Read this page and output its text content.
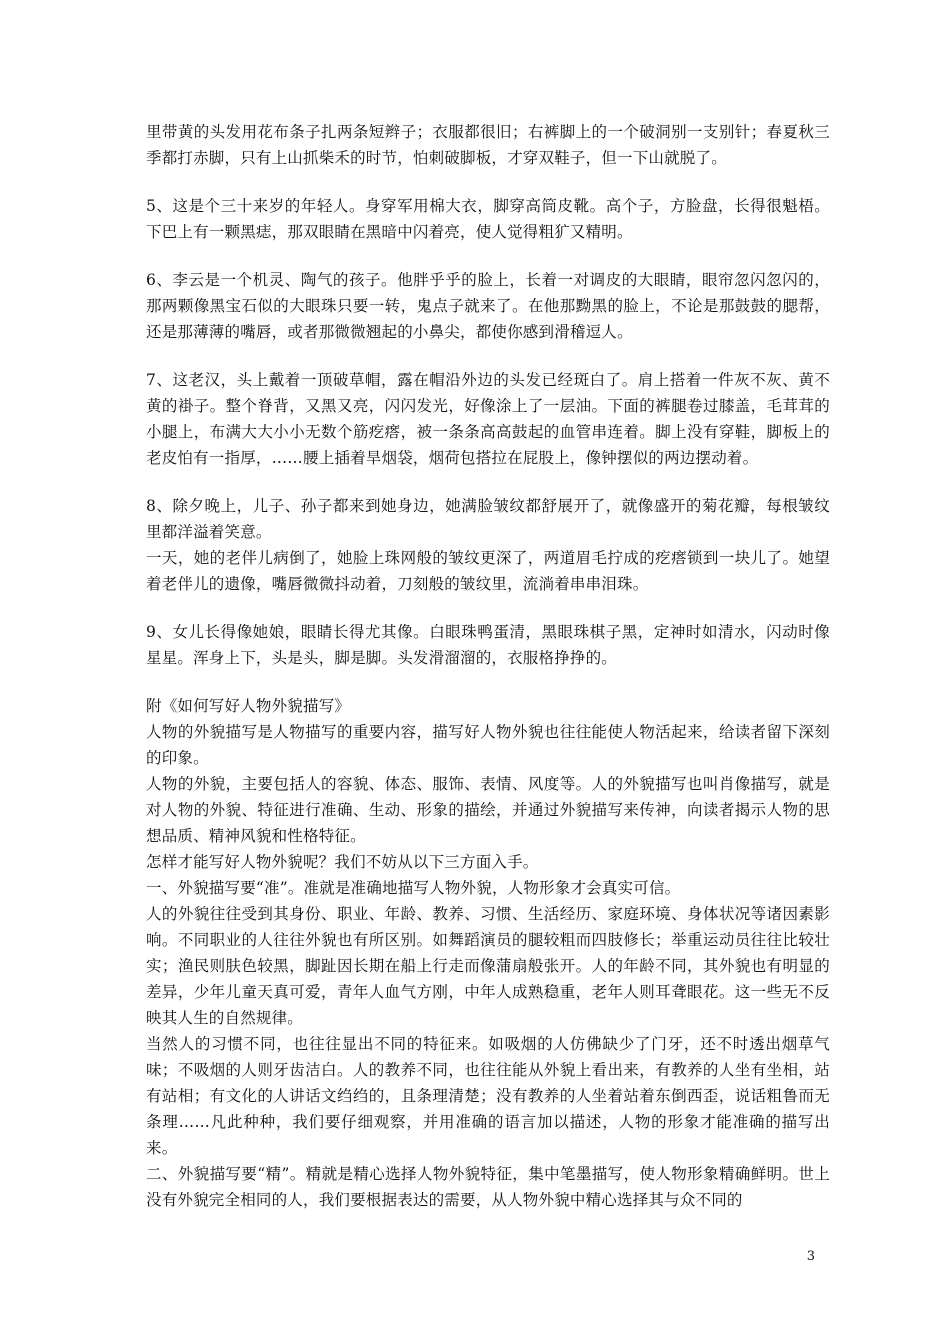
里带黄的头发用花布条子扎两条短辫子；衣服都很旧；右裤脚上的一个破洞别一支别针；春夏秋三季都打赤脚，只有上山抓柴禾的时节，怕刺破脚板，才穿双鞋子，但一下山就脱了。

5、这是个三十来岁的年轻人。身穿军用棉大衣，脚穿高筒皮靴。高个子，方脸盘，长得很魁梧。下巴上有一颗黑痣，那双眼睛在黑暗中闪着亮，使人觉得粗犷又精明。

6、李云是一个机灵、陶气的孩子。他胖乎乎的脸上，长着一对调皮的大眼睛，眼帘忽闪忽闪的，那两颗像黑宝石似的大眼珠只要一转，鬼点子就来了。在他那黝黑的脸上，不论是那鼓鼓的腮帮，还是那薄薄的嘴唇，或者那微微翘起的小鼻尖，都使你感到滑稽逗人。

7、这老汉，头上戴着一顶破草帽，露在帽沿外边的头发已经斑白了。肩上搭着一件灰不灰、黄不黄的褂子。整个脊背，又黑又亮，闪闪发光，好像涂上了一层油。下面的裤腿卷过膝盖，毛茸茸的小腿上，布满大大小小无数个筋疙瘩，被一条条高高鼓起的血管串连着。脚上没有穿鞋，脚板上的老皮怕有一指厚，……腰上插着旱烟袋，烟荷包搭拉在屁股上，像钟摆似的两边摆动着。

8、除夕晚上，儿子、孙子都来到她身边，她满脸皱纹都舒展开了，就像盛开的菊花瓣，每根皱纹里都洋溢着笑意。

一天，她的老伴儿病倒了，她脸上珠网般的皱纹更深了，两道眉毛拧成的疙瘩锁到一块儿了。她望着老伴儿的遗像，嘴唇微微抖动着，刀刻般的皱纹里，流淌着串串泪珠。

9、女儿长得像她娘，眼睛长得尤其像。白眼珠鸭蛋清，黑眼珠棋子黑，定神时如清水，闪动时像星星。浑身上下，头是头，脚是脚。头发滑溜溜的，衣服格挣挣的。

附《如何写好人物外貌描写》

人物的外貌描写是人物描写的重要内容，描写好人物外貌也往往能使人物活起来，给读者留下深刻的印象。

人物的外貌，主要包括人的容貌、体态、服饰、表情、风度等。人的外貌描写也叫肖像描写，就是对人物的外貌、特征进行准确、生动、形象的描绘，并通过外貌描写来传神，向读者揭示人物的思想品质、精神风貌和性格特征。

怎样才能写好人物外貌呢？我们不妨从以下三方面入手。

一、外貌描写要“准”。准就是准确地描写人物外貌，人物形象才会真实可信。

人的外貌往往受到其身份、职业、年龄、教养、习惯、生活经历、家庭环境、身体状况等诸因素影响。不同职业的人往往外貌也有所区别。如舞蹈演员的腿较粗而四肢修长；举重运动员往往比较壮实；渔民则肤色较黑，脚趾因长期在船上行走而像蒲扇般张开。人的年龄不同，其外貌也有明显的差异，少年儿童天真可爱，青年人血气方刚，中年人成熟稳重，老年人则耳聋眼花。这一些无不反映其人生的自然规律。

当然人的习惯不同，也往往显出不同的特征来。如吸烟的人仿佛缺少了门牙，还不时透出烟草气味；不吸烟的人则牙齿洁白。人的教养不同，也往往能从外貌上看出来，有教养的人坐有坐相，站有站相；有文化的人讲话文绉绉的，且条理清楚；没有教养的人坐着站着东倒西歪，说话粗鲁而无条理……凡此种种，我们要仔细观察，并用准确的语言加以描述，人物的形象才能准确的描写出来。

二、外貌描写要“精”。精就是精心选择人物外貌特征，集中笔墨描写，使人物形象精确鲜明。世上没有外貌完全相同的人，我们要根据表达的需要，从人物外貌中精心选择其与众不同的

3
